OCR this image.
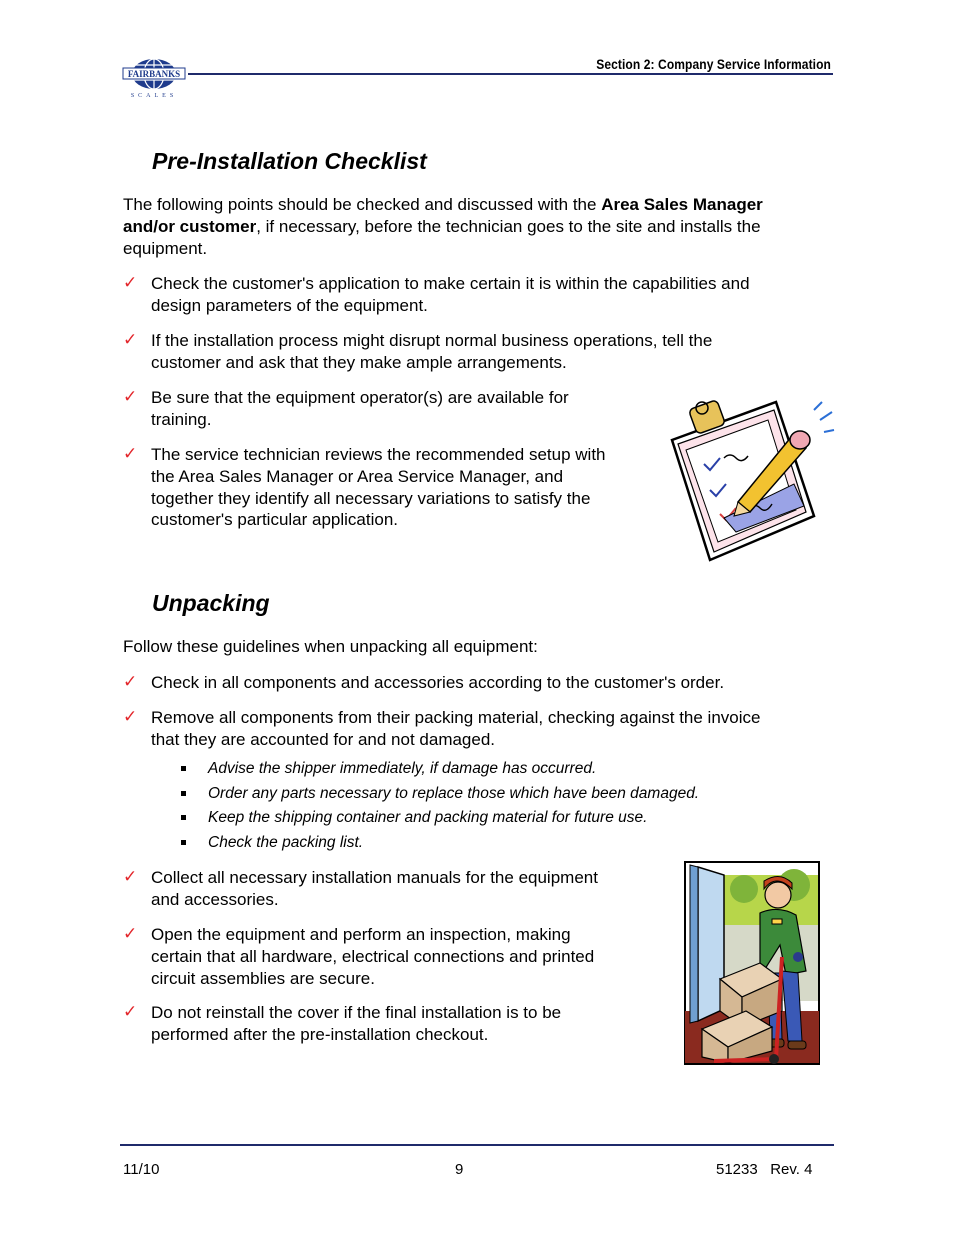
FAIRBANKS
SCALES
Section 2: Company Service Information
Pre-Installation Checklist
The following points should be checked and discussed with the Area Sales Manager
and/or customer, if necessary, before the technician goes to the site and installs the
equipment.
✓ Check the customer's application to make certain it is within the capabilities and
design parameters of the equipment.
✓ If the installation process might disrupt normal business operations, tell the
customer and ask that they make ample arrangements.
✓ Be sure that the equipment operator(s) are available for
training.
✓ The service technician reviews the recommended setup with
the Area Sales Manager or Area Service Manager, and
together they identify all necessary variations to satisfy the
customer's particular application.
Unpacking
Follow these guidelines when unpacking all equipment:
✓ Check in all components and accessories according to the customer's order.
✓ Remove all components from their packing material, checking against the invoice
that they are accounted for and not damaged.
Advise the shipper immediately, if damage has occurred.
Order any parts necessary to replace those which have been damaged.
Keep the shipping container and packing material for future use.
Check the packing list.
✓ Collect all necessary installation manuals for the equipment
and accessories.
✓ Open the equipment and perform an inspection, making
certain that all hardware, electrical connections and printed
circuit assemblies are secure.
✓ Do not reinstall the cover if the final installation is to be
performed after the pre-installation checkout.
11/10	9	51233   Rev. 4
